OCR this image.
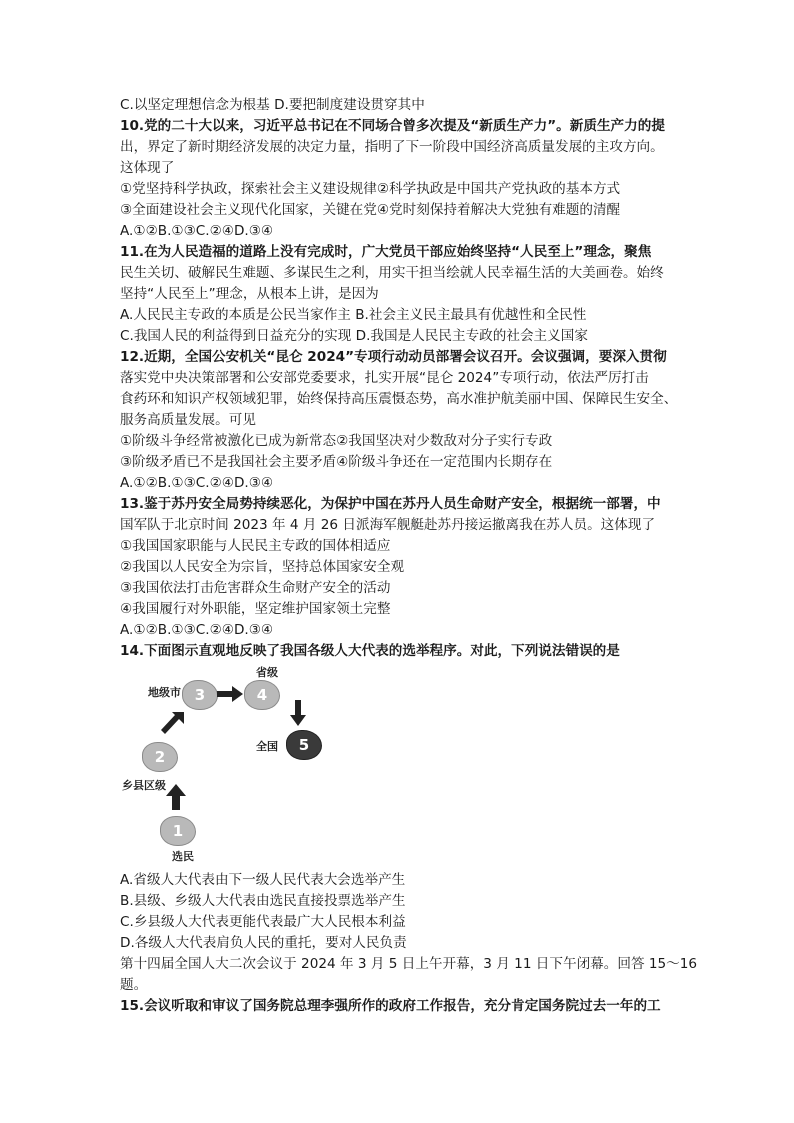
C.以坚定理想信念为根基 D.要把制度建设贯穿其中
10.党的二十大以来，习近平总书记在不同场合曾多次提及“新质生产力”。新质生产力的提
出，界定了新时期经济发展的决定力量，指明了下一阶段中国经济高质量发展的主攻方向。
这体现了
①党坚持科学执政，探索社会主义建设规律②科学执政是中国共产党执政的基本方式
③全面建设社会主义现代化国家，关键在党④党时刻保持着解决大党独有难题的清醒
A.①②B.①③C.②④D.③④
11.在为人民造福的道路上没有完成时，广大党员干部应始终坚持“人民至上”理念，聚焦
民生关切、破解民生难题、多谋民生之利，用实干担当绘就人民幸福生活的大美画卷。始终
坚持“人民至上”理念，从根本上讲，是因为
A.人民民主专政的本质是公民当家作主 B.社会主义民主最具有优越性和全民性
C.我国人民的利益得到日益充分的实现 D.我国是人民民主专政的社会主义国家
12.近期，全国公安机关“昆仑 2024”专项行动动员部署会议召开。会议强调，要深入贯彻
落实党中央决策部署和公安部党委要求，扎实开展“昆仑 2024”专项行动，依法严厉打击
食药环和知识产权领域犯罪，始终保持高压震慑态势，高水准护航美丽中国、保障民生安全、
服务高质量发展。可见
①阶级斗争经常被激化已成为新常态②我国坚决对少数敌对分子实行专政
③阶级矛盾已不是我国社会主要矛盾④阶级斗争还在一定范围内长期存在
A.①②B.①③C.②④D.③④
13.鉴于苏丹安全局势持续恶化，为保护中国在苏丹人员生命财产安全，根据统一部署，中
国军队于北京时间 2023 年 4 月 26 日派海军舰艇赴苏丹接运撤离我在苏人员。这体现了
①我国国家职能与人民民主专政的国体相适应
②我国以人民安全为宗旨，坚持总体国家安全观
③我国依法打击危害群众生命财产安全的活动
④我国履行对外职能，坚定维护国家领土完整
A.①②B.①③C.②④D.③④
14.下面图示直观地反映了我国各级人大代表的选举程序。对此，下列说法错误的是
1
选民
2
乡县区级
3
地级市	4
省级
5
全国
A.省级人大代表由下一级人民代表大会选举产生
B.县级、乡级人大代表由选民直接投票选举产生
C.乡县级人大代表更能代表最广大人民根本利益
D.各级人大代表肩负人民的重托，要对人民负责
第十四届全国人大二次会议于 2024 年 3 月 5 日上午开幕，3 月 11 日下午闭幕。回答 15～16
题。
15.会议听取和审议了国务院总理李强所作的政府工作报告，充分肯定国务院过去一年的工
